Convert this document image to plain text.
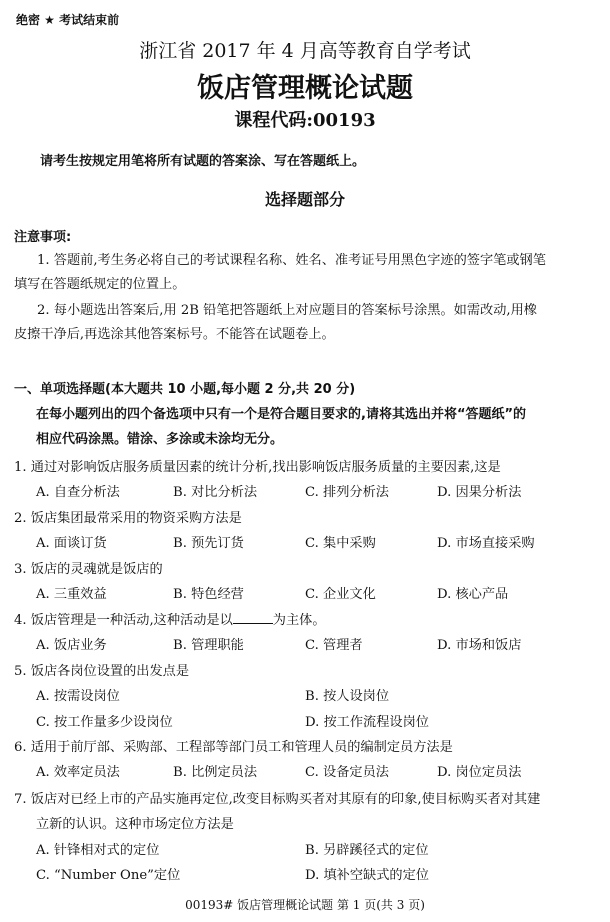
绝密 ★ 考试结束前
浙江省 2017 年 4 月高等教育自学考试
饭店管理概论试题
课程代码:00193
请考生按规定用笔将所有试题的答案涂、写在答题纸上。
选择题部分
注意事项:
1. 答题前,考生务必将自己的考试课程名称、姓名、准考证号用黑色字迹的签字笔或钢笔
填写在答题纸规定的位置上。
2. 每小题选出答案后,用 2B 铅笔把答题纸上对应题目的答案标号涂黑。如需改动,用橡
皮擦干净后,再选涂其他答案标号。不能答在试题卷上。
一、单项选择题(本大题共 10 小题,每小题 2 分,共 20 分)
在每小题列出的四个备选项中只有一个是符合题目要求的,请将其选出并将“答题纸”的
相应代码涂黑。错涂、多涂或未涂均无分。
1. 通过对影响饭店服务质量因素的统计分析,找出影响饭店服务质量的主要因素,这是
A. 自查分析法	B. 对比分析法	C. 排列分析法	D. 因果分析法
2. 饭店集团最常采用的物资采购方法是
A. 面谈订货	B. 预先订货	C. 集中采购	D. 市场直接采购
3. 饭店的灵魂就是饭店的
A. 三重效益	B. 特色经营	C. 企业文化	D. 核心产品
4. 饭店管理是一种活动,这种活动是以	为主体。
A. 饭店业务	B. 管理职能	C. 管理者	D. 市场和饭店
5. 饭店各岗位设置的出发点是
A. 按需设岗位	B. 按人设岗位
C. 按工作量多少设岗位	D. 按工作流程设岗位
6. 适用于前厅部、采购部、工程部等部门员工和管理人员的编制定员方法是
A. 效率定员法	B. 比例定员法	C. 设备定员法	D. 岗位定员法
7. 饭店对已经上市的产品实施再定位,改变目标购买者对其原有的印象,使目标购买者对其建
立新的认识。这种市场定位方法是
A. 针锋相对式的定位	B. 另辟蹊径式的定位
C. “Number One”定位	D. 填补空缺式的定位
00193# 饭店管理概论试题 第 1 页(共 3 页)
